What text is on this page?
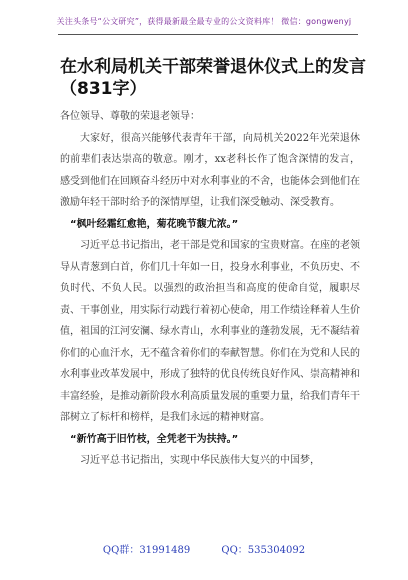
关注头条号“公文研究”，获得最新最全最专业的公文资料库！ 微信：gongwenyj
在水利局机关干部荣誉退休仪式上的发言（831字）

各位领导、尊敬的荣退老领导：

大家好，很高兴能够代表青年干部，向局机关2022年光荣退休的前辈们表达崇高的敬意。刚才，xx老科长作了饱含深情的发言，感受到他们在回顾奋斗经历中对水利事业的不舍，也能体会到他们在激励年轻干部时给予的深情厚望，让我们深受触动、深受教育。

“枫叶经霜红愈艳，菊花晚节馥尤浓。”

习近平总书记指出，老干部是党和国家的宝贵财富。在座的老领导从青葱到白首，你们几十年如一日，投身水利事业，不负历史、不负时代、不负人民。以强烈的政治担当和高度的使命自觉，履职尽责、干事创业，用实际行动践行着初心使命，用工作绩诠释着人生价值，祖国的江河安澜、绿水青山，水利事业的蓬勃发展，无不凝结着你们的心血汗水，无不蕴含着你们的奉献智慧。你们在为党和人民的水利事业改革发展中，形成了独特的优良传统良好作风、崇高精神和丰富经验，是推动新阶段水利高质量发展的重要力量，给我们青年干部树立了标杆和榜样，是我们永远的精神财富。

“新竹高于旧竹枝，全凭老干为扶持。”

习近平总书记指出，实现中华民族伟大复兴的中国梦，

QQ群：31991489	QQ：535304092
